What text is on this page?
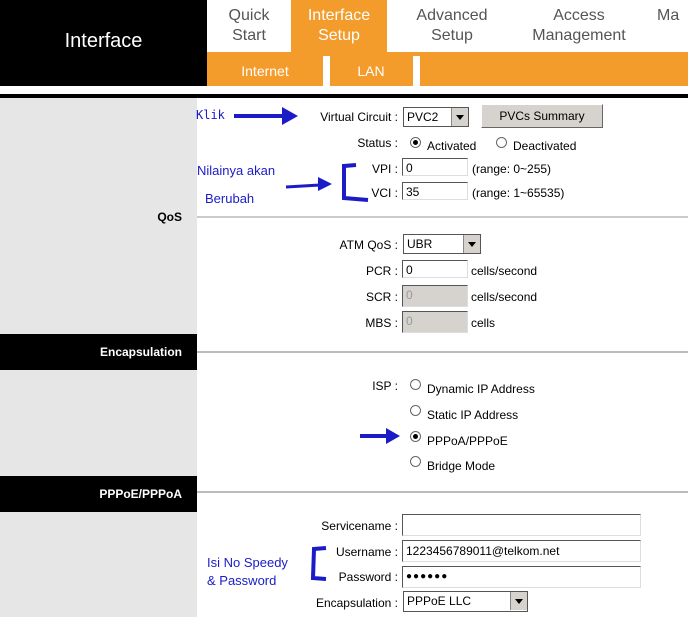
Interface
Quick
Start
Interface
Setup
Advanced
Setup
Access
Management
Ma
Internet	LAN
QoS
Encapsulation
PPPoE/PPPoA
Virtual Circuit : PVC2	PVCs Summary
Status : Activated	Deactivated
VPI : 0	(range: 0~255)
VCI : 35	(range: 1~65535)
ATM QoS : UBR
PCR : 0	cells/second
SCR : 0	cells/second
MBS : 0	cells
ISP : Dynamic IP Address
Static IP Address
PPPoA/PPPoE
Bridge Mode
Servicename :
Username : 1223456789011@telkom.net
Password : ●●●●●●
Encapsulation : PPPoE LLC
Klik
Nilainya akan
Berubah
Isi No Speedy
& Password
